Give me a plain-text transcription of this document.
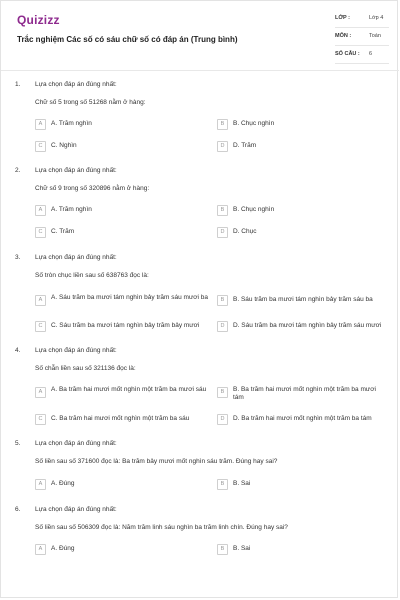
Quizizz
Trắc nghiệm Các số có sáu chữ số có đáp án (Trung bình)
LỚP :	Lớp 4
MÔN :	Toán
SỐ CÂU : 6
1. Lựa chọn đáp án đúng nhất:
Chữ số 5 trong số 51268 nằm ở hàng:
A	A. Trăm nghìn	B	B. Chục nghìn
C	C. Nghìn	D	D. Trăm
2. Lựa chọn đáp án đúng nhất:
Chữ số 9 trong số 320896 nằm ở hàng:
A	A. Trăm nghìn	B	B. Chục nghìn
C	C. Trăm	D	D. Chục
3. Lựa chọn đáp án đúng nhất:
Số tròn chục liền sau số 638763 đọc là:
A	A. Sáu trăm ba mươi tám nghìn bảy trăm sáu mươi ba	B	B. Sáu trăm ba mươi tám nghìn bảy trăm sáu ba
C	C. Sáu trăm ba mươi tám nghìn bảy trăm bảy mươi	D	D. Sáu trăm ba mươi tám nghìn bảy trăm sáu mươi
4. Lựa chọn đáp án đúng nhất:
Số chẵn liền sau số 321136 đọc là:
A	A. Ba trăm hai mươi mốt nghìn một trăm ba mươi sáu	B	B. Ba trăm hai mươi mốt nghìn một trăm ba mươi tám
C	C. Ba trăm hai mươi mốt nghìn một trăm ba sáu	D	D. Ba trăm hai mươi mốt nghìn một trăm ba tám
5. Lựa chọn đáp án đúng nhất:
Số liền sau số 371600 đọc là: Ba trăm bảy mươi mốt nghìn sáu trăm. Đúng hay sai?
A	A. Đúng	B	B. Sai
6. Lựa chọn đáp án đúng nhất:
Số liền sau số 506309 đọc là: Năm trăm linh sáu nghìn ba trăm linh chín. Đúng hay sai?
A	A. Đúng	B	B. Sai
